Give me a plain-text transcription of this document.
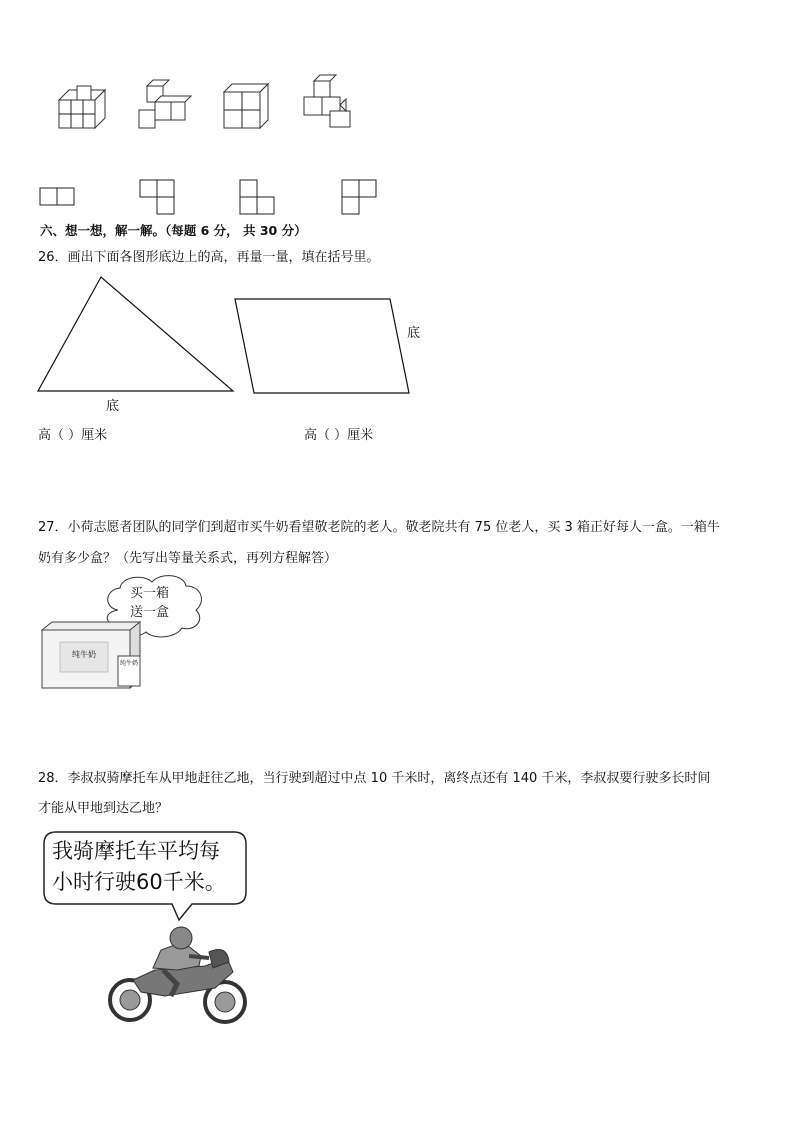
六、想一想，解一解。（每题 6 分， 共 30 分）
26．画出下面各图形底边上的高，再量一量，填在括号里。
底
底
高（ ）厘米	高（ ）厘米
27．小荷志愿者团队的同学们到超市买牛奶看望敬老院的老人。敬老院共有 75 位老人，买 3 箱正好每人一盒。一箱牛
奶有多少盒？（先写出等量关系式，再列方程解答）
买一箱
送一盒
纯牛奶
纯牛奶
28．李叔叔骑摩托车从甲地赶往乙地，当行驶到超过中点 10 千米时，离终点还有 140 千米，李叔叔要行驶多长时间
才能从甲地到达乙地？
我骑摩托车平均每
小时行驶60千米。
